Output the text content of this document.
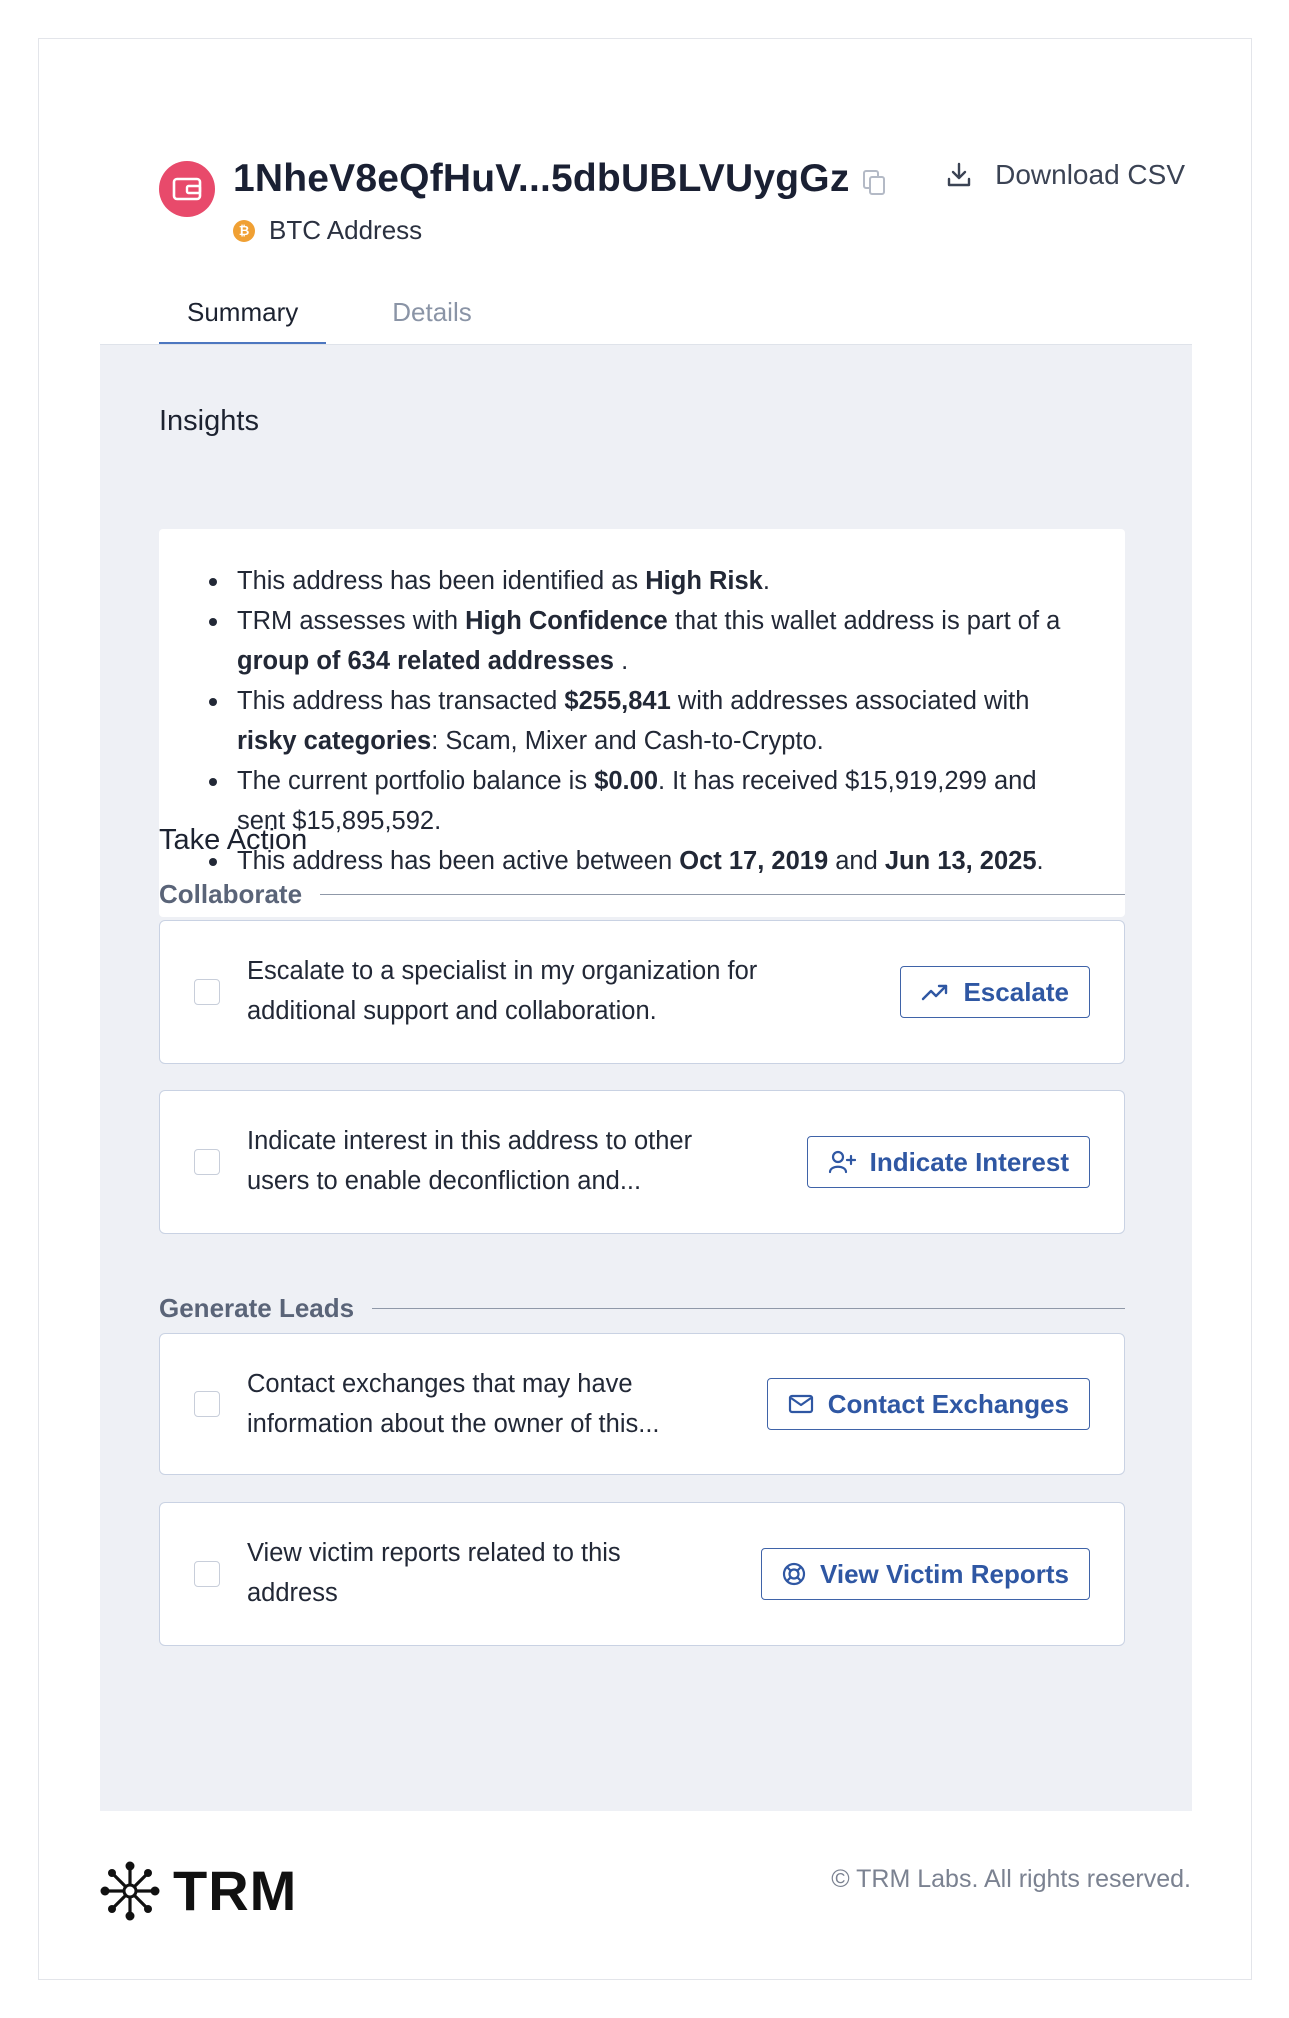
1NheV8eQfHuV...5dbUBLVUygGz
₿ BTC Address
Download CSV
Summary	Details
Insights
This address has been identified as High Risk.
TRM assesses with High Confidence that this wallet address is part of a group of 634 related addresses .
This address has transacted $255,841 with addresses associated with risky categories: Scam, Mixer and Cash-to-Crypto.
The current portfolio balance is $0.00. It has received $15,919,299 and sent $15,895,592.
This address has been active between Oct 17, 2019 and Jun 13, 2025.
Take Action
Collaborate
Escalate to a specialist in my organization for
additional support and collaboration.
Escalate
Indicate interest in this address to other
users to enable deconfliction and...
Indicate Interest
Generate Leads
Contact exchanges that may have
information about the owner of this...
Contact Exchanges
View victim reports related to this
address
View Victim Reports
TRM	© TRM Labs. All rights reserved.
